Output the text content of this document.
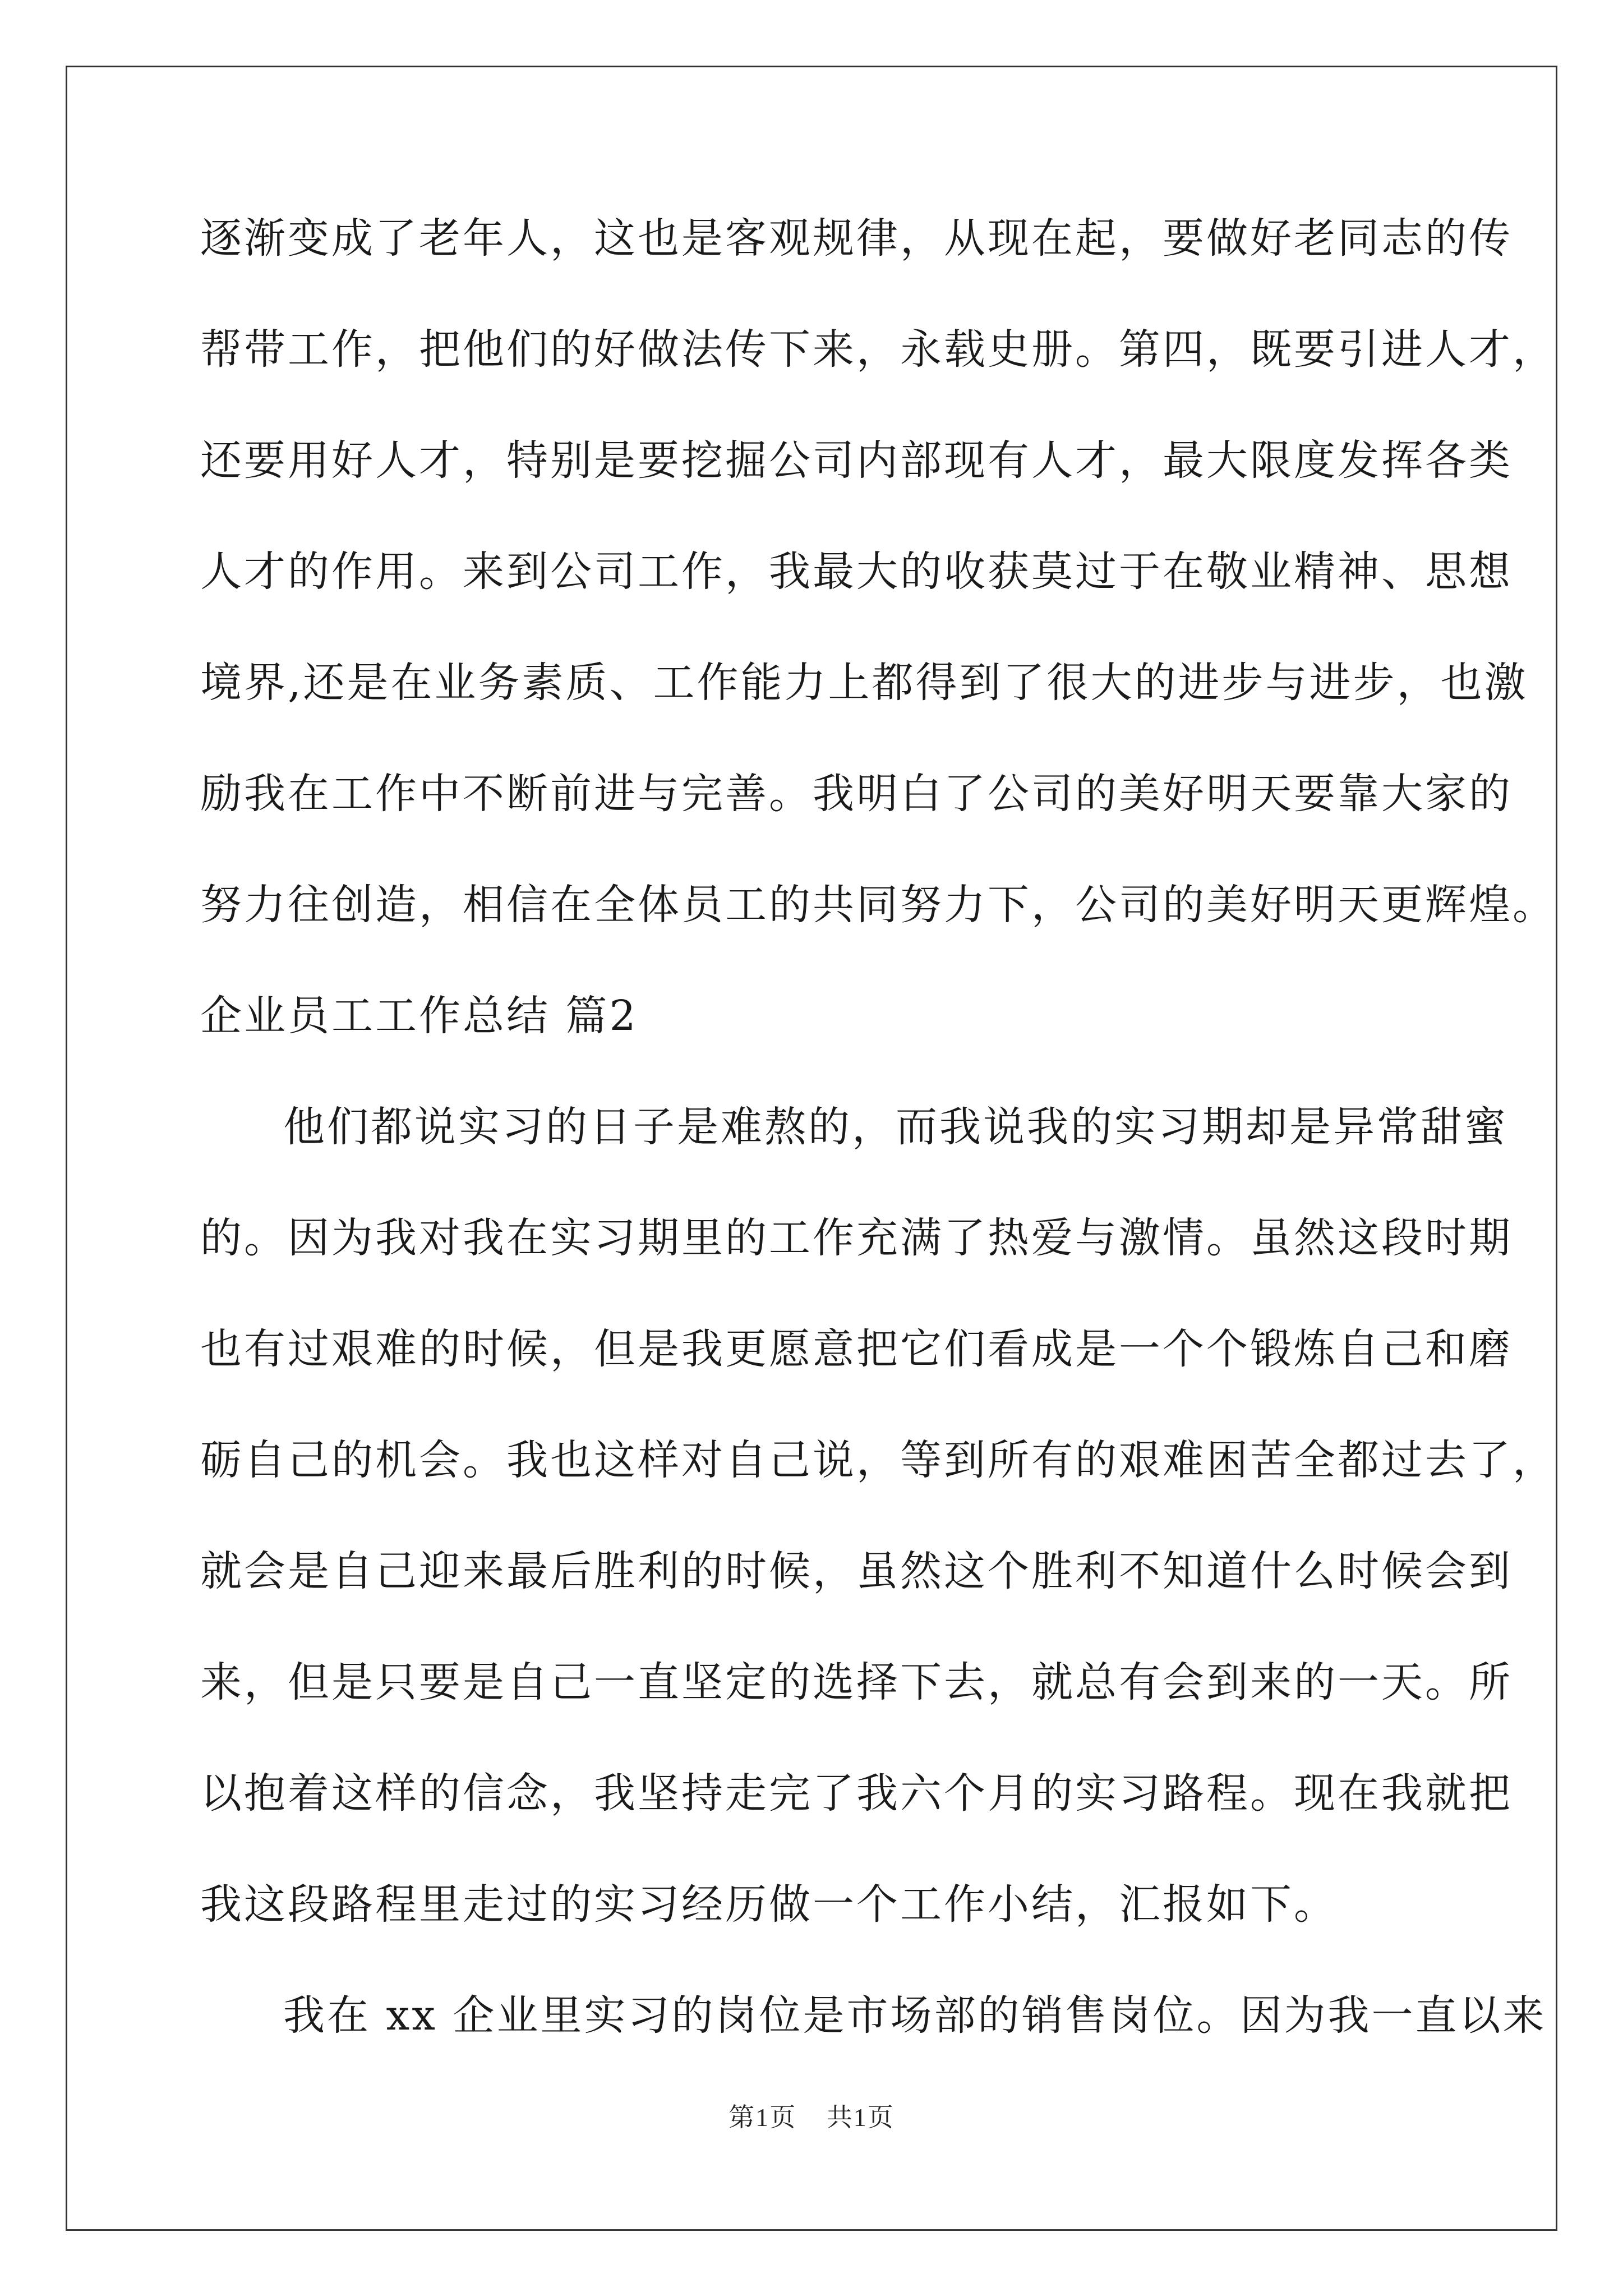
逐渐变成了老年人，这也是客观规律，从现在起，要做好老同志的传
帮带工作，把他们的好做法传下来，永载史册。第四，既要引进人才，
还要用好人才，特别是要挖掘公司内部现有人才，最大限度发挥各类
人才的作用。来到公司工作，我最大的收获莫过于在敬业精神、思想
境界,还是在业务素质、工作能力上都得到了很大的进步与进步，也激
励我在工作中不断前进与完善。我明白了公司的美好明天要靠大家的
努力往创造，相信在全体员工的共同努力下，公司的美好明天更辉煌。
企业员工工作总结 篇2
他们都说实习的日子是难熬的，而我说我的实习期却是异常甜蜜
的。因为我对我在实习期里的工作充满了热爱与激情。虽然这段时期
也有过艰难的时候，但是我更愿意把它们看成是一个个锻炼自己和磨
砺自己的机会。我也这样对自己说，等到所有的艰难困苦全都过去了，
就会是自己迎来最后胜利的时候，虽然这个胜利不知道什么时候会到
来，但是只要是自己一直坚定的选择下去，就总有会到来的一天。所
以抱着这样的信念，我坚持走完了我六个月的实习路程。现在我就把
我这段路程里走过的实习经历做一个工作小结，汇报如下。
我在 xx 企业里实习的岗位是市场部的销售岗位。因为我一直以来
第1页 共1页
